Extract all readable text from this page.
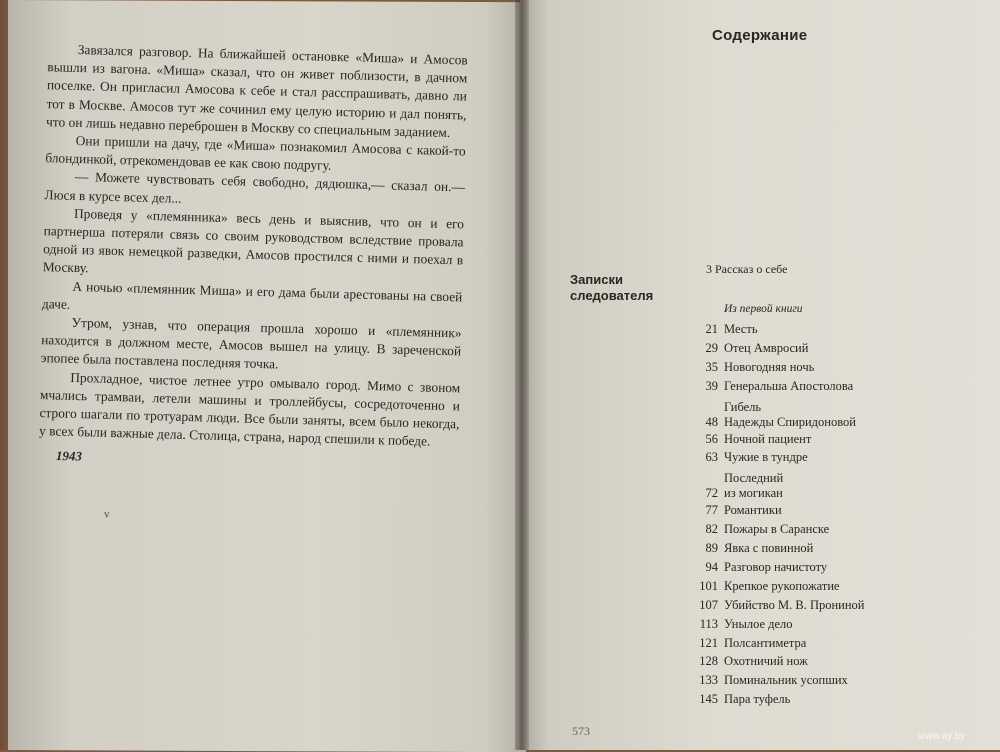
Завязался разговор. На ближайшей остановке «Миша» и Амосов вышли из вагона. «Миша» сказал, что он живет поблизости, в дачном поселке. Он пригласил Амосова к себе и стал расспрашивать, давно ли тот в Москве. Амосов тут же сочинил ему целую историю и дал понять, что он лишь недавно переброшен в Москву со специальным заданием.

Они пришли на дачу, где «Миша» познакомил Амосова с какой-то блондинкой, отрекомендовав ее как свою подругу.

— Можете чувствовать себя свободно, дядюшка,— сказал он.— Люся в курсе всех дел...

Проведя у «племянника» весь день и выяснив, что он и его партнерша потеряли связь со своим руководством вследствие провала одной из явок немецкой разведки, Амосов простился с ними и поехал в Москву.

А ночью «племянник Миша» и его дама были арестованы на своей даче.

Утром, узнав, что операция прошла хорошо и «племянник» находится в должном месте, Амосов вышел на улицу. В зареченской эпопее была поставлена последняя точка.

Прохладное, чистое летнее утро омывало город. Мимо с звоном мчались трамваи, летели машины и троллейбусы, сосредоточенно и строго шагали по тротуарам люди. Все были заняты, всем было некогда, у всех были важные дела. Столица, страна, народ спешили к победе.

1943
v
Содержание
3 Рассказ о себе
Записки
следователя
Из первой книги
21 Месть
29 Отец Амвросий
35 Новогодняя ночь
39 Генеральша Апостолова
48
Гибель
Надежды Спиридоновой
56 Ночной пациент
63 Чужие в тундре
72
Последний
из могикан
77 Романтики
82 Пожары в Саранске
89 Явка с повинной
94 Разговор начистоту
101 Крепкое рукопожатие
107 Убийство М. В. Прониной
113 Унылое дело
121 Полсантиметра
128 Охотничий нож
133 Поминальник усопших
145 Пара туфель
573	www.ay.by
